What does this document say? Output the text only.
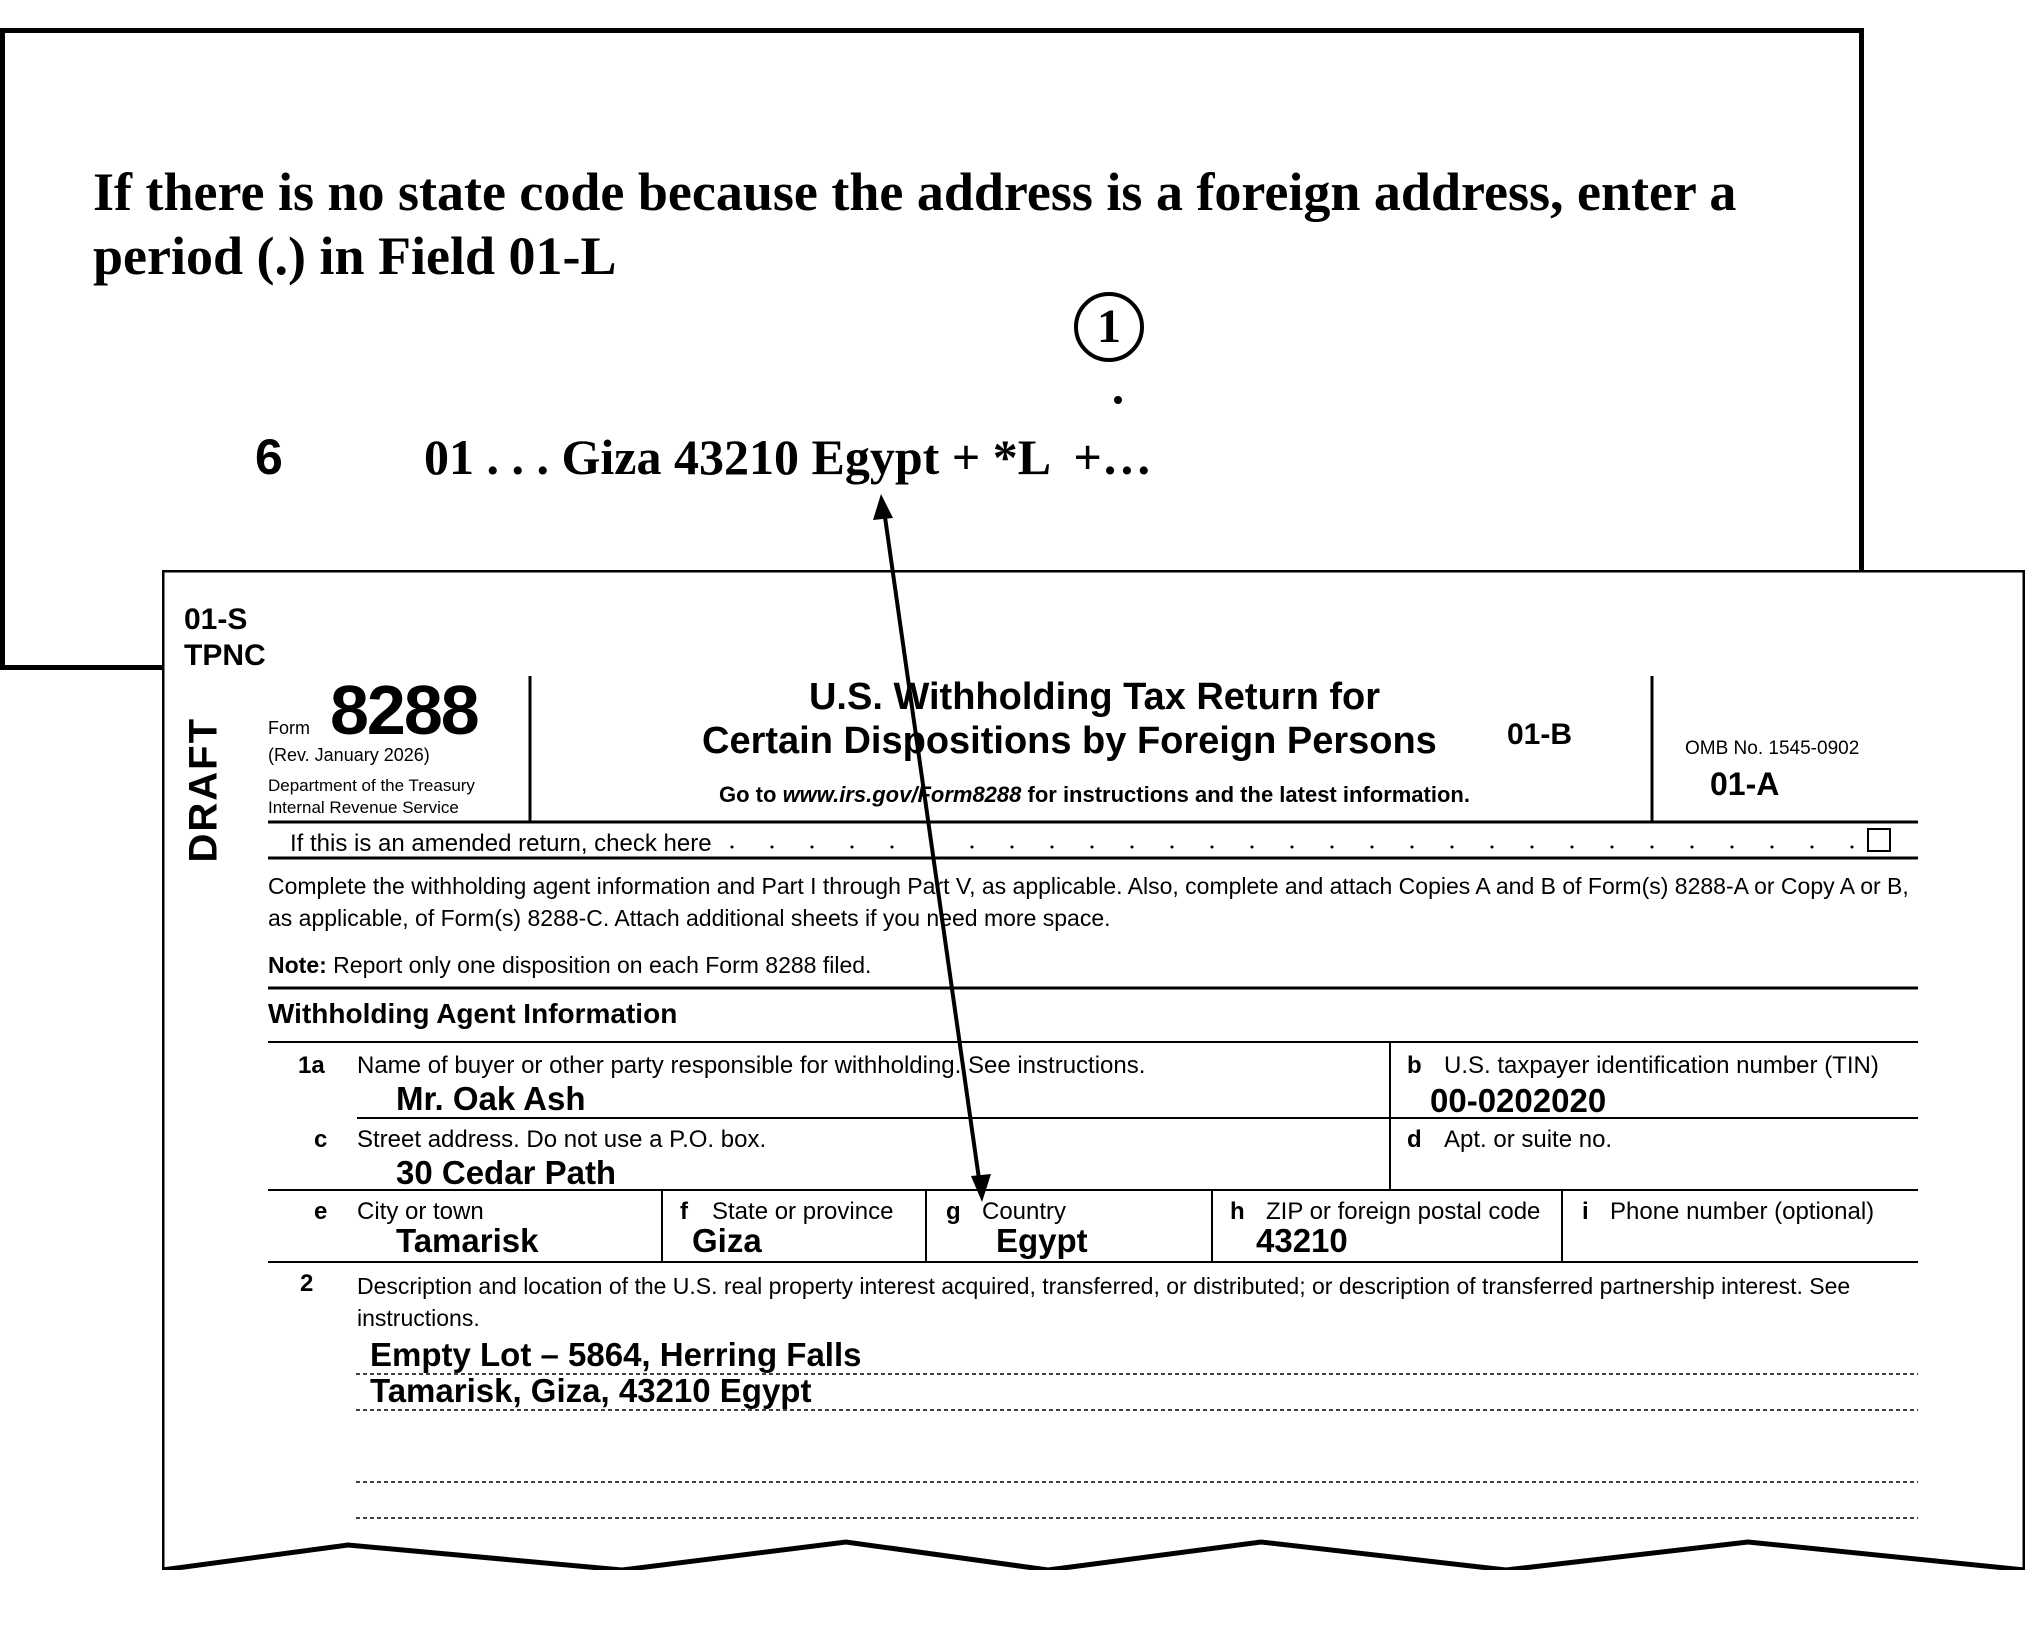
If there is no state code because the address is a foreign address, enter a period (.) in Field 01-L
1
6	01 . . . Giza 43210 Egypt + *L  +…
01-S
TPNC
DRAFT Form 8288
(Rev. January 2026)
Department of the Treasury
Internal Revenue Service
U.S. Withholding Tax Return for
Certain Dispositions by Foreign Persons 01-B
Go to www.irs.gov/Form8288 for instructions and the latest information.
OMB No. 1545-0902
01-A
If this is an amended return, check here
Complete the withholding agent information and Part I through Part V, as applicable. Also, complete and attach Copies A and B of Form(s) 8288-A or Copy A or B, as applicable, of Form(s) 8288-C. Attach additional sheets if you need more space.
Note: Report only one disposition on each Form 8288 filed.
Withholding Agent Information
1a Name of buyer or other party responsible for withholding. See instructions.
Mr. Oak Ash
b U.S. taxpayer identification number (TIN)
00-0202020
c Street address. Do not use a P.O. box.
30 Cedar Path
d Apt. or suite no.
e City or town
Tamarisk
f State or province
Giza
g Country
Egypt
h ZIP or foreign postal code
43210
i Phone number (optional)
2 Description and location of the U.S. real property interest acquired, transferred, or distributed; or description of transferred partnership interest. See instructions.
Empty Lot – 5864, Herring Falls
Tamarisk, Giza, 43210 Egypt
